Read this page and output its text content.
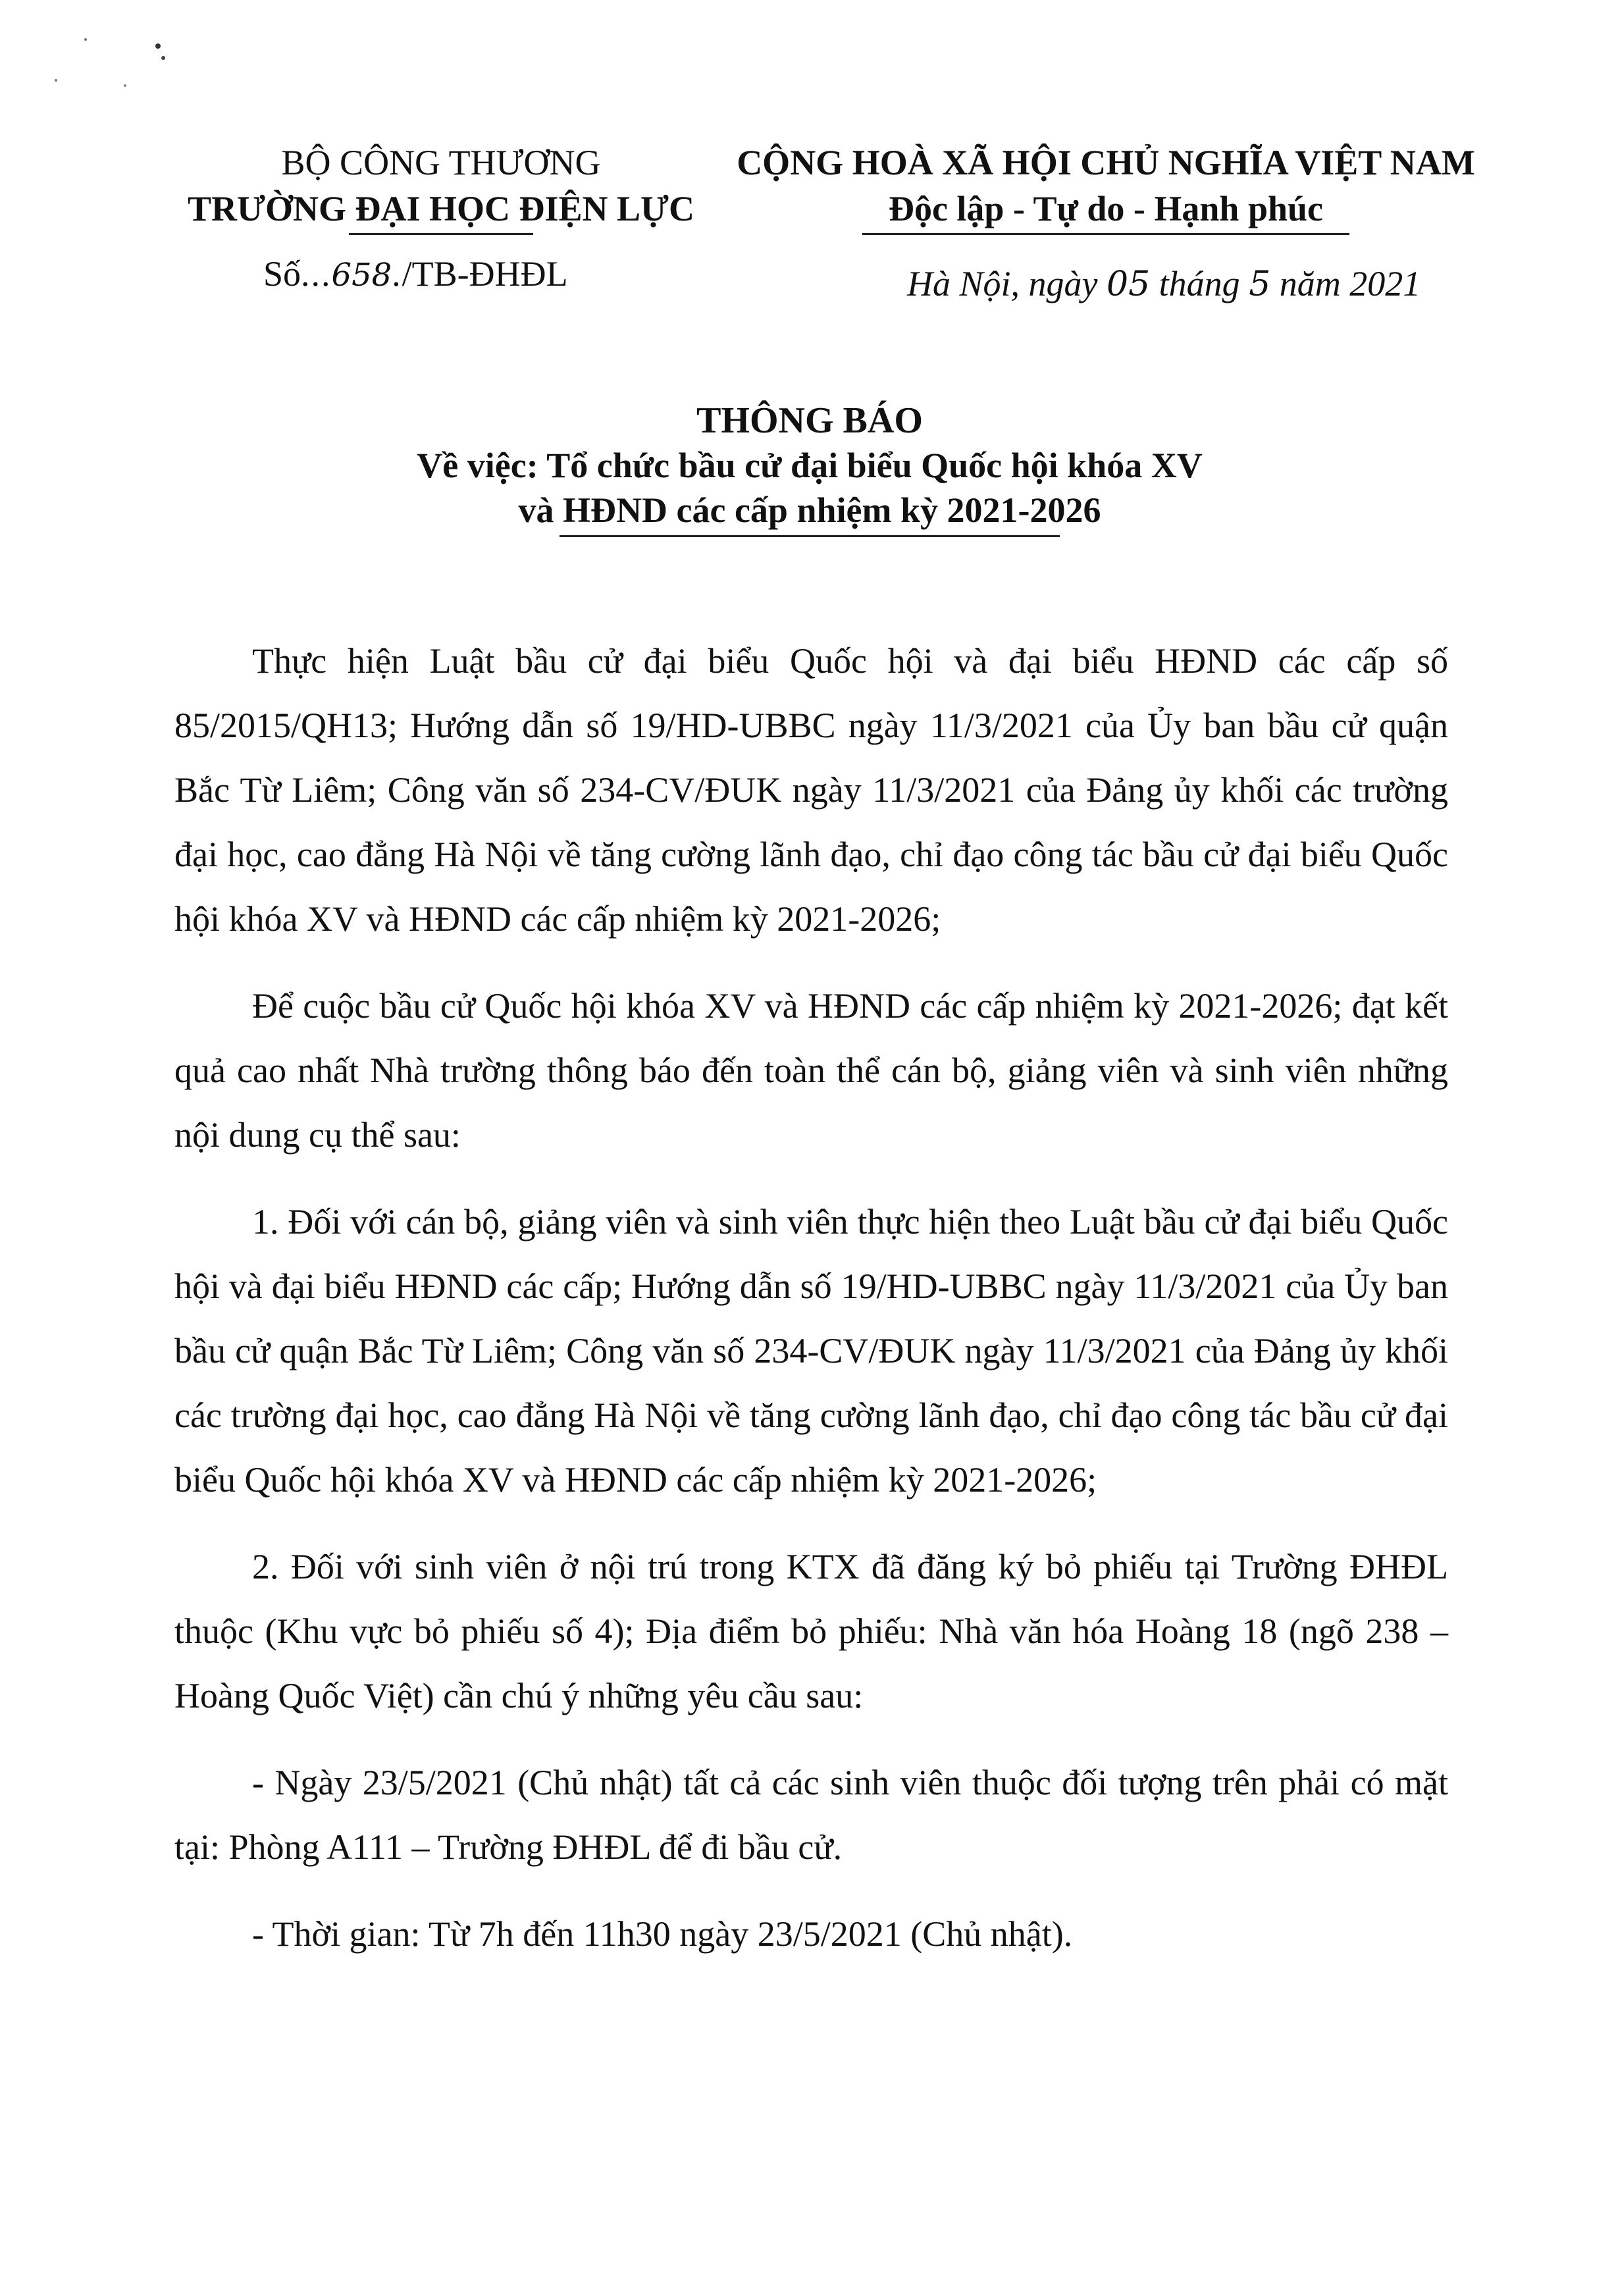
BỘ CÔNG THƯƠNG
TRƯỜNG ĐẠI HỌC ĐIỆN LỰC
CỘNG HOÀ XÃ HỘI CHỦ NGHĨA VIỆT NAM
Độc lập - Tự do - Hạnh phúc
Số...658./TB-ĐHĐL	Hà Nội, ngày 05 tháng 5 năm 2021
THÔNG BÁO
Về việc: Tổ chức bầu cử đại biểu Quốc hội khóa XV
và HĐND các cấp nhiệm kỳ 2021-2026

Thực hiện Luật bầu cử đại biểu Quốc hội và đại biểu HĐND các cấp số 85/2015/QH13; Hướng dẫn số 19/HD-UBBC ngày 11/3/2021 của Ủy ban bầu cử quận Bắc Từ Liêm; Công văn số 234-CV/ĐUK ngày 11/3/2021 của Đảng ủy khối các trường đại học, cao đẳng Hà Nội về tăng cường lãnh đạo, chỉ đạo công tác bầu cử đại biểu Quốc hội khóa XV và HĐND các cấp nhiệm kỳ 2021-2026;

Để cuộc bầu cử Quốc hội khóa XV và HĐND các cấp nhiệm kỳ 2021-2026; đạt kết quả cao nhất Nhà trường thông báo đến toàn thể cán bộ, giảng viên và sinh viên những nội dung cụ thể sau:

1. Đối với cán bộ, giảng viên và sinh viên thực hiện theo Luật bầu cử đại biểu Quốc hội và đại biểu HĐND các cấp; Hướng dẫn số 19/HD-UBBC ngày 11/3/2021 của Ủy ban bầu cử quận Bắc Từ Liêm; Công văn số 234-CV/ĐUK ngày 11/3/2021 của Đảng ủy khối các trường đại học, cao đẳng Hà Nội về tăng cường lãnh đạo, chỉ đạo công tác bầu cử đại biểu Quốc hội khóa XV và HĐND các cấp nhiệm kỳ 2021-2026;

2. Đối với sinh viên ở nội trú trong KTX đã đăng ký bỏ phiếu tại Trường ĐHĐL thuộc (Khu vực bỏ phiếu số 4); Địa điểm bỏ phiếu: Nhà văn hóa Hoàng 18 (ngõ 238 – Hoàng Quốc Việt) cần chú ý những yêu cầu sau:

- Ngày 23/5/2021 (Chủ nhật) tất cả các sinh viên thuộc đối tượng trên phải có mặt tại: Phòng A111 – Trường ĐHĐL để đi bầu cử.

- Thời gian: Từ 7h đến 11h30 ngày 23/5/2021 (Chủ nhật).
